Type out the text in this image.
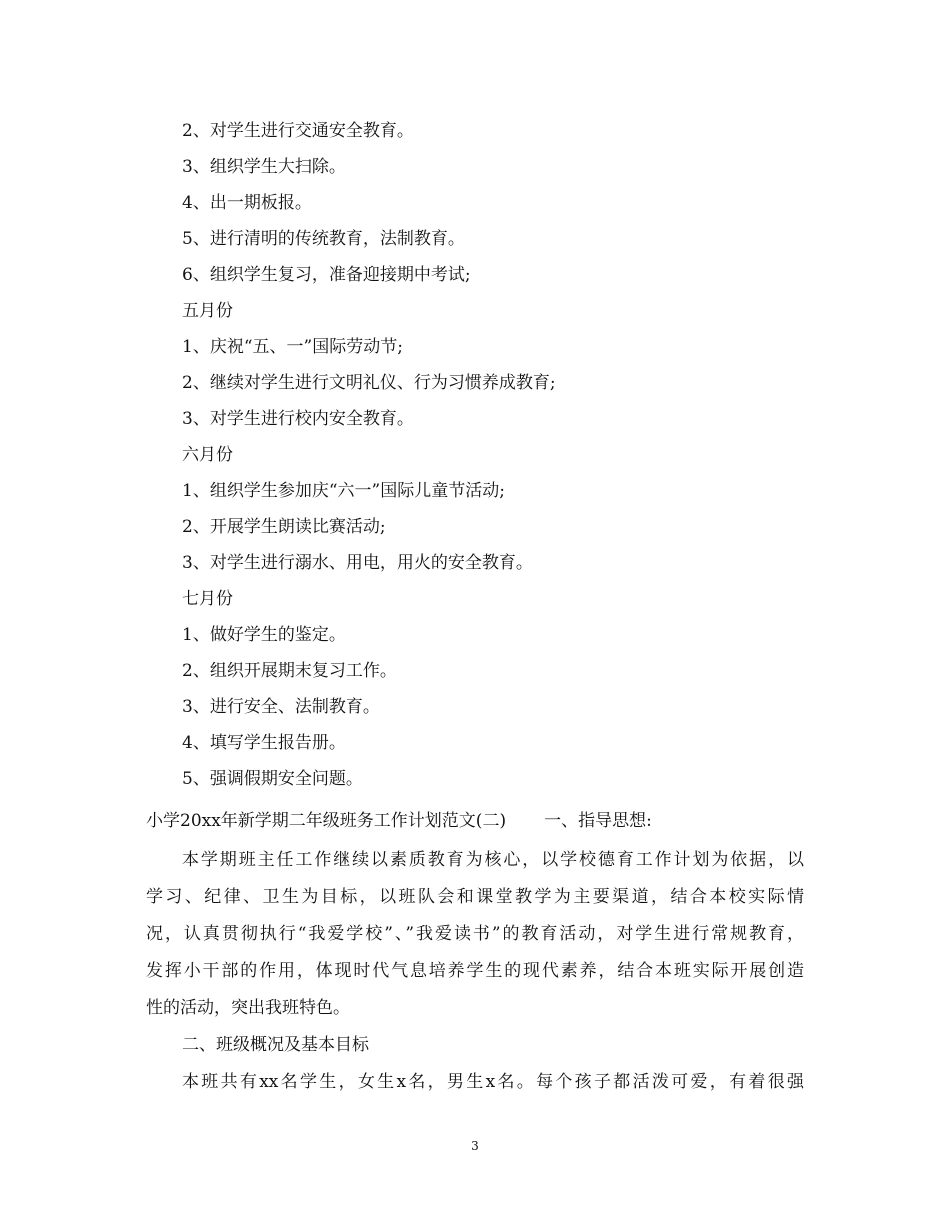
2、对学生进行交通安全教育。
3、组织学生大扫除。
4、出一期板报。
5、进行清明的传统教育，法制教育。
6、组织学生复习，准备迎接期中考试;
五月份
1、庆祝“五、一”国际劳动节;
2、继续对学生进行文明礼仪、行为习惯养成教育;
3、对学生进行校内安全教育。
六月份
1、组织学生参加庆“六一”国际儿童节活动;
2、开展学生朗读比赛活动;
3、对学生进行溺水、用电，用火的安全教育。
七月份
1、做好学生的鉴定。
2、组织开展期末复习工作。
3、进行安全、法制教育。
4、填写学生报告册。
5、强调假期安全问题。
小学20xx年新学期二年级班务工作计划范文(二) 一、指导思想:
本学期班主任工作继续以素质教育为核心，以学校德育工作计划为依据，以
学习、纪律、卫生为目标，以班队会和课堂教学为主要渠道，结合本校实际情
况，认真贯彻执行“我爱学校”、”我爱读书”的教育活动，对学生进行常规教育，
发挥小干部的作用，体现时代气息培养学生的现代素养，结合本班实际开展创造
性的活动，突出我班特色。
二、班级概况及基本目标
本班共有xx名学生，女生x名，男生x名。每个孩子都活泼可爱，有着很强
3
